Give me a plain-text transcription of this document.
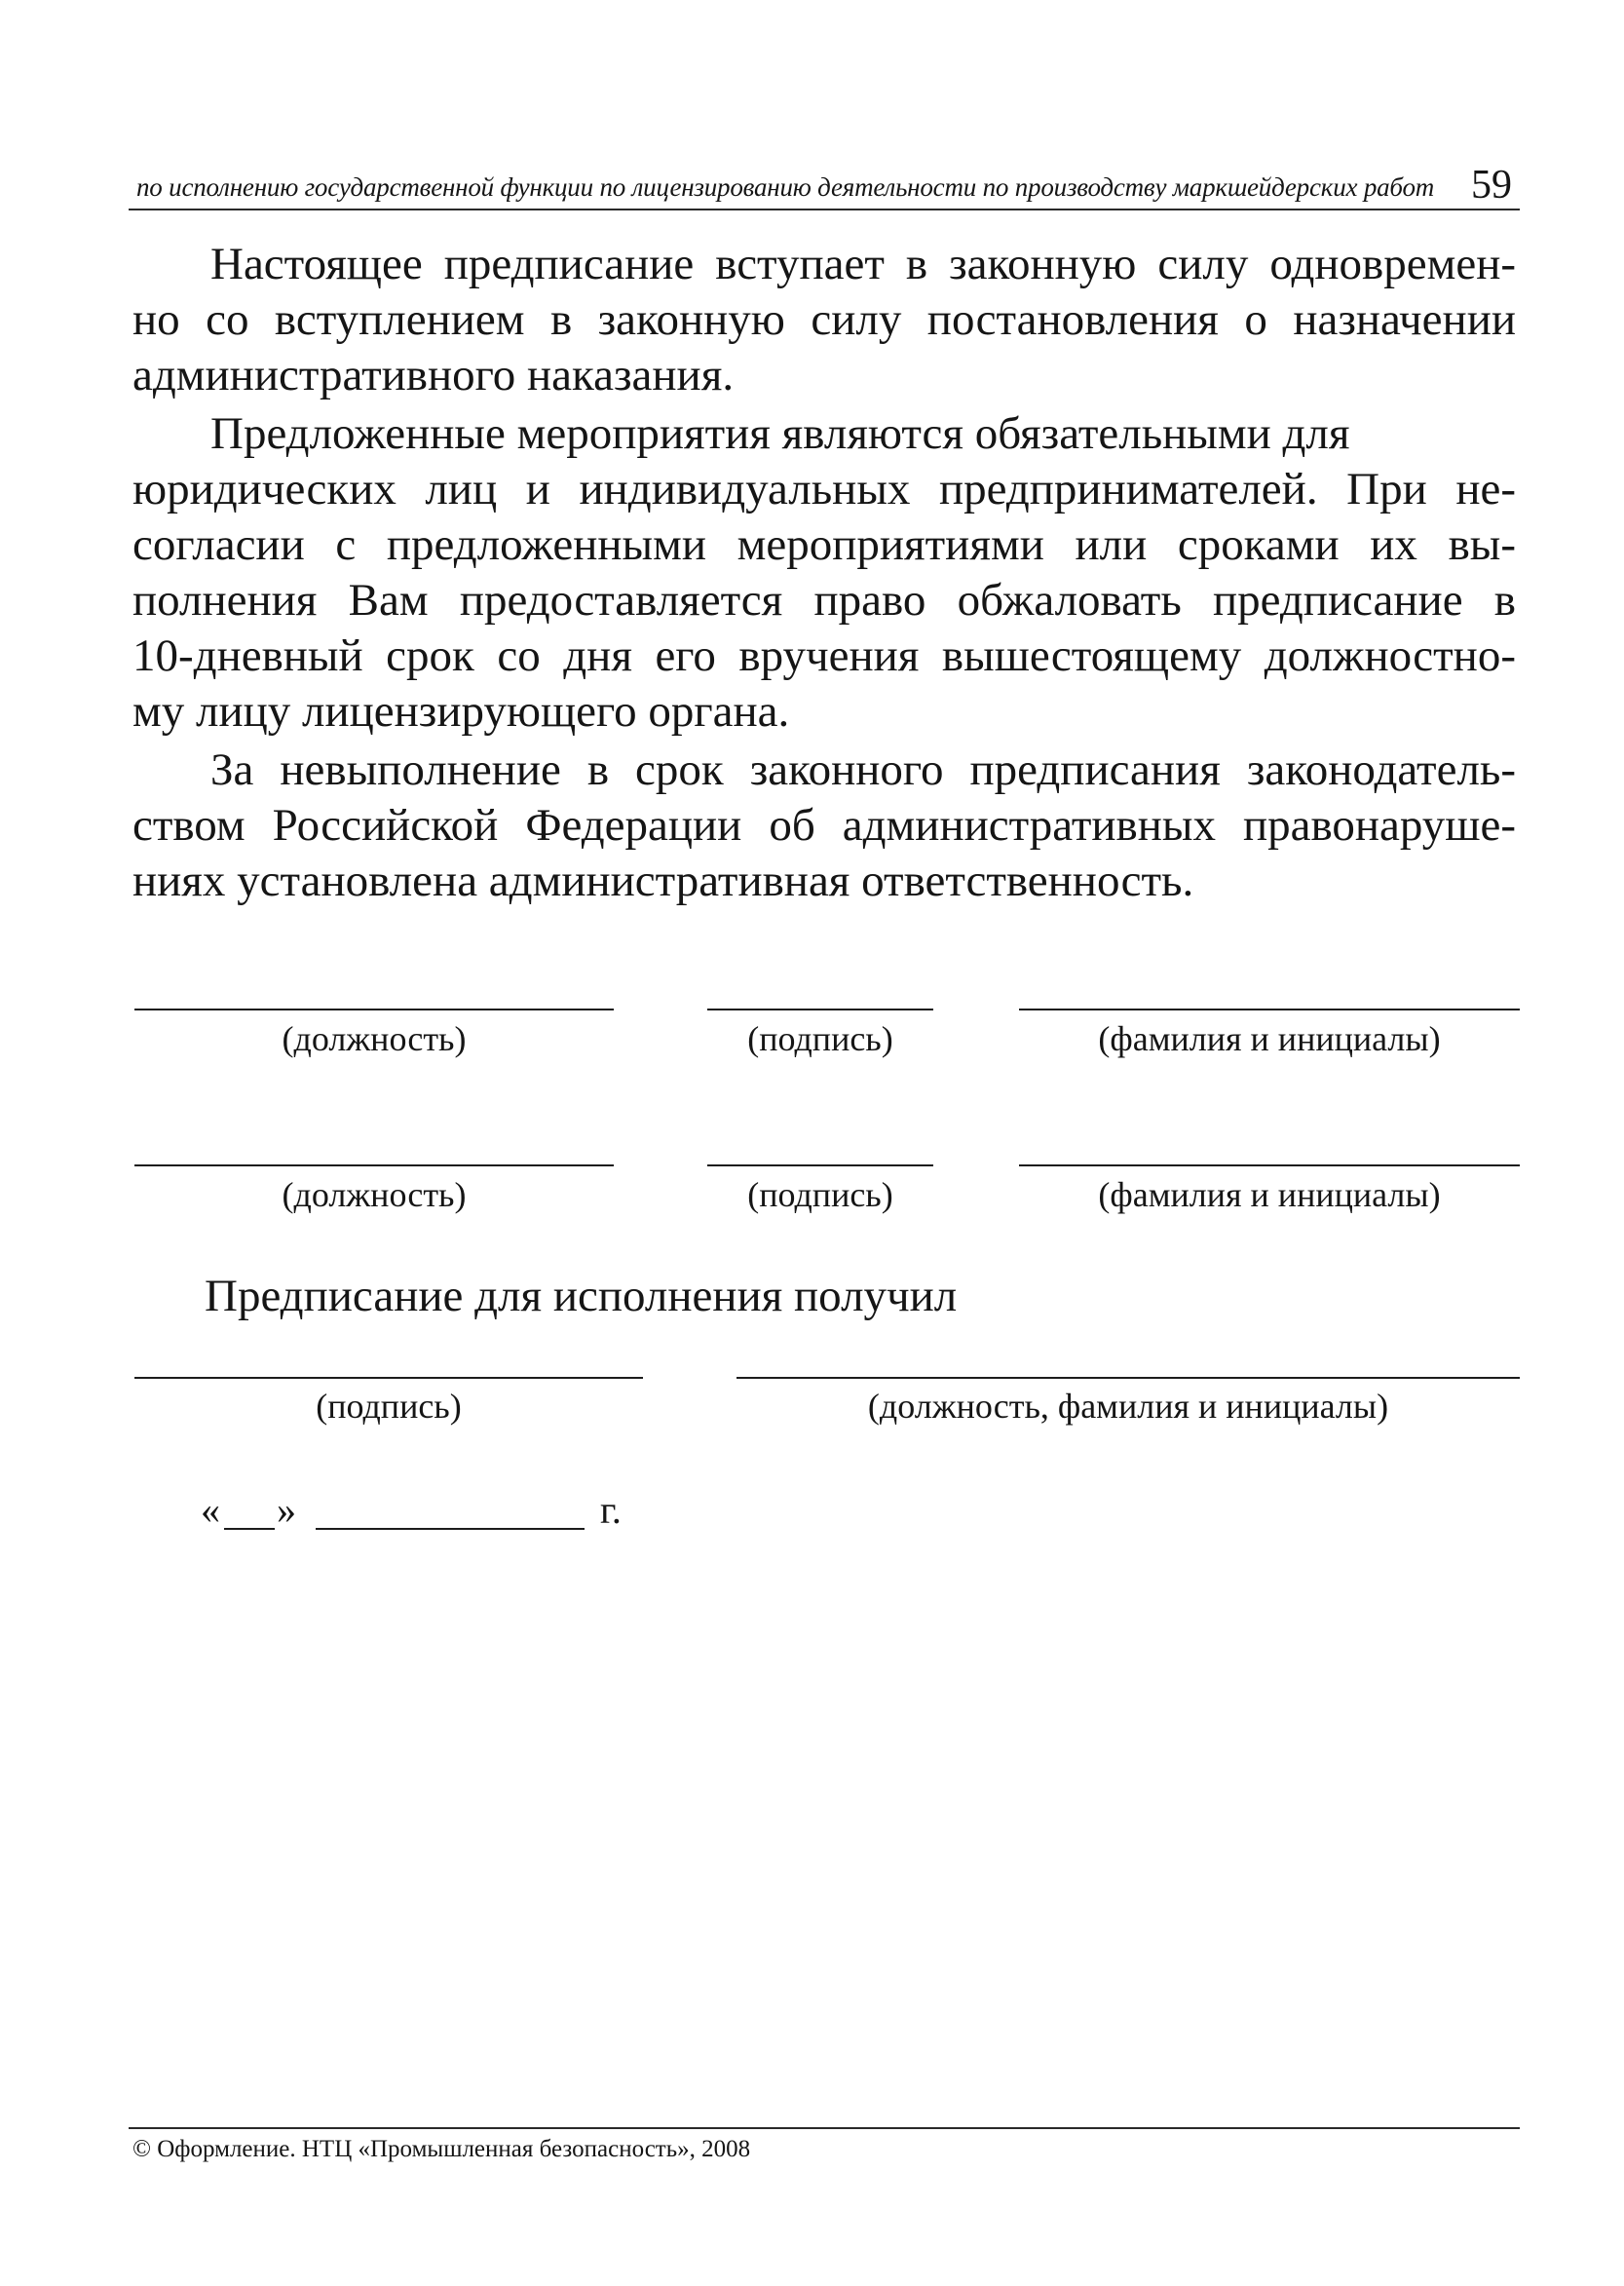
по исполнению государственной функции по лицензированию деятельности по производству маркшейдерских работ 59

Настоящее предписание вступает в законную силу одновремен-
но со вступлением в законную силу постановления о назначении
административного наказания.

Предложенные мероприятия являются обязательными для
юридических лиц и индивидуальных предпринимателей. При не-
согласии с предложенными мероприятиями или сроками их вы-
полнения Вам предоставляется право обжаловать предписание в
10-дневный срок со дня его вручения вышестоящему должностно-
му лицу лицензирующего органа.

За невыполнение в срок законного предписания законодатель-
ством Российской Федерации об административных правонаруше-
ниях установлена административная ответственность.

(должность)	(подпись)	(фамилия и инициалы)
(должность)	(подпись)	(фамилия и инициалы)
Предписание для исполнения получил
(подпись)	(должность, фамилия и инициалы)
« »	г.
© Оформление. НТЦ «Промышленная безопасность», 2008
